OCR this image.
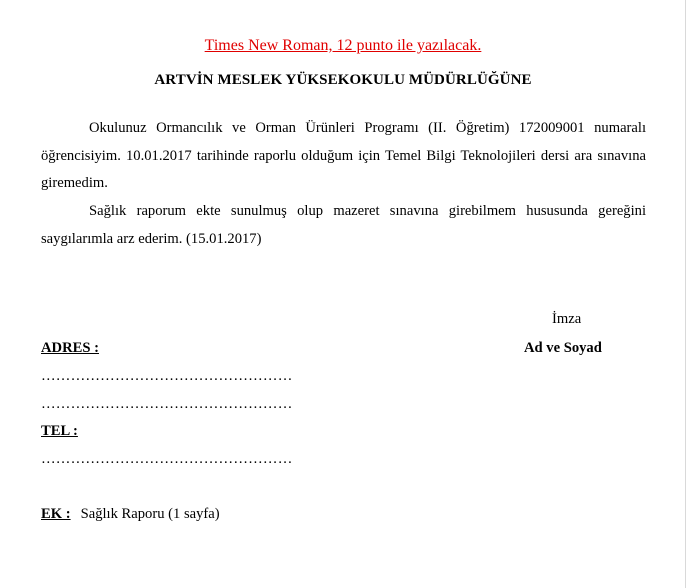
Times New Roman, 12 punto ile yazılacak.
ARTVİN MESLEK YÜKSEKOKULU MÜDÜRLÜĞÜNE
Okulunuz Ormancılık ve Orman Ürünleri Programı (II. Öğretim) 172009001 numaralı öğrencisiyim. 10.01.2017 tarihinde raporlu olduğum için Temel Bilgi Teknolojileri dersi ara sınavına giremedim.
Sağlık raporum ekte sunulmuş olup mazeret sınavına girebilmem hususunda gereğini saygılarımla arz ederim. (15.01.2017)
İmza
Ad ve Soyad
ADRES :
……………………………………………
……………………………………………
TEL :
……………………………………………
EK : Sağlık Raporu (1 sayfa)
